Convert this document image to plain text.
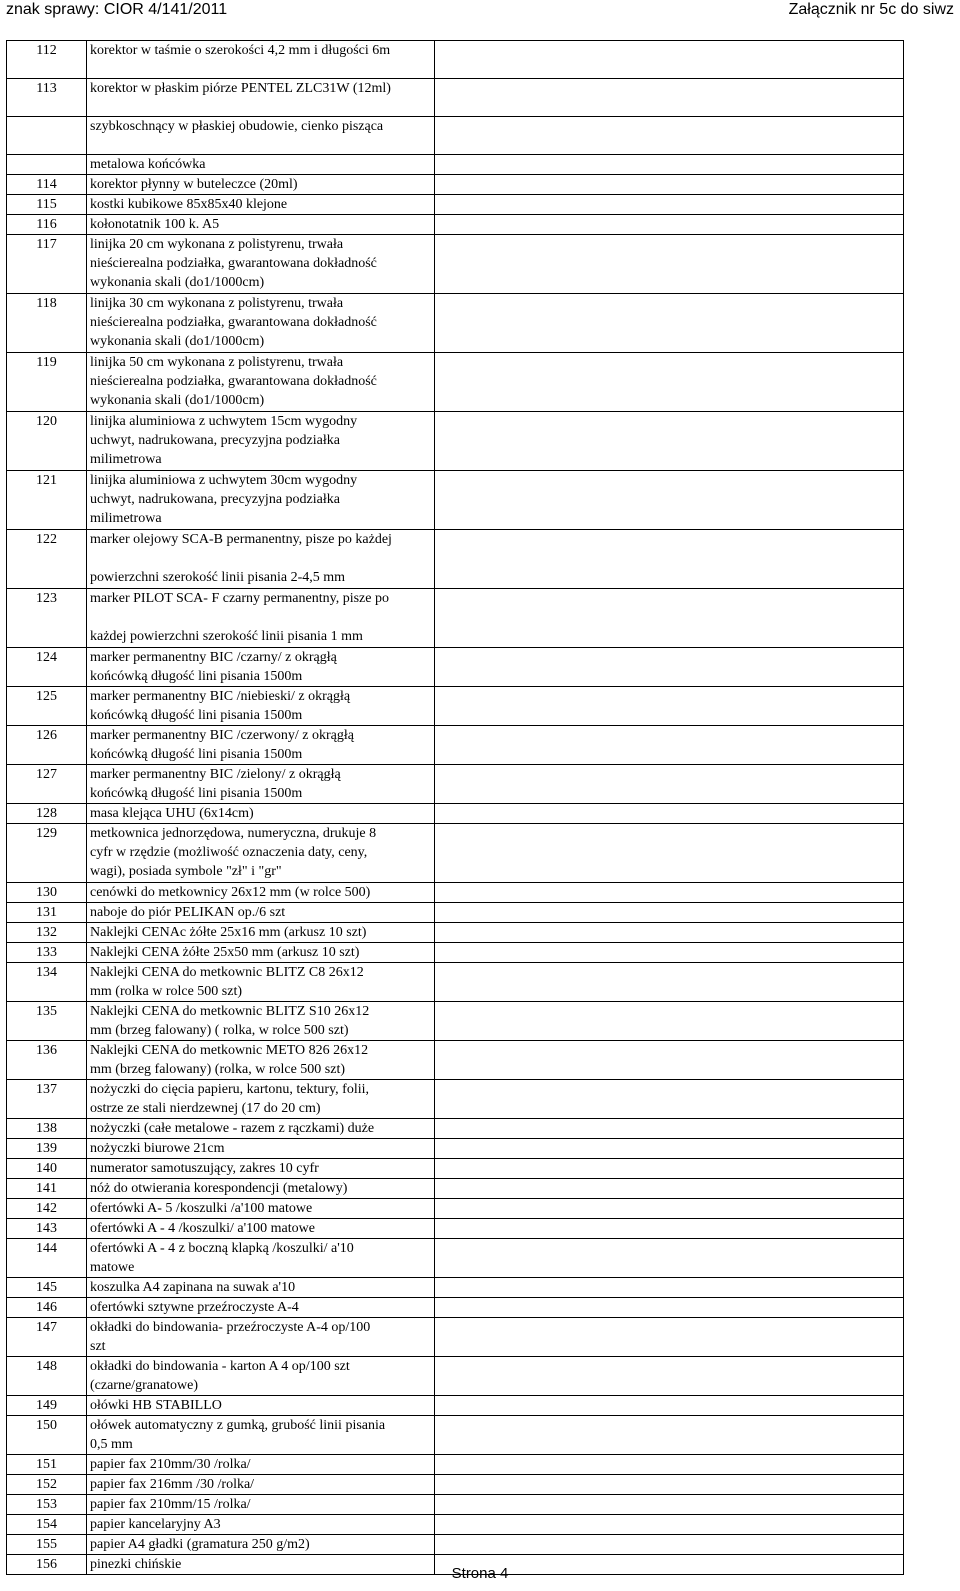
znak sprawy: CIOR 4/141/2011	Załącznik nr 5c do siwz
112	korektor w taśmie o szerokości 4,2 mm i długości 6m	
113	korektor w płaskim piórze PENTEL ZLC31W (12ml)	
	szybkoschnący w płaskiej obudowie, cienko pisząca	
	metalowa końcówka	
114	korektor płynny w buteleczce (20ml)	
115	kostki kubikowe 85x85x40 klejone	
116	kołonotatnik 100 k. A5	
117	linijka 20 cm wykonana z polistyrenu, trwała
nieścierealna podziałka, gwarantowana dokładność
wykonania skali (do1/1000cm)	
118	linijka 30 cm wykonana z polistyrenu, trwała
nieścierealna podziałka, gwarantowana dokładność
wykonania skali (do1/1000cm)	
119	linijka 50 cm wykonana z polistyrenu, trwała
nieścierealna podziałka, gwarantowana dokładność
wykonania skali (do1/1000cm)	
120	linijka aluminiowa z uchwytem 15cm wygodny
uchwyt, nadrukowana, precyzyjna podziałka
milimetrowa	
121	linijka aluminiowa z uchwytem 30cm wygodny
uchwyt, nadrukowana, precyzyjna podziałka
milimetrowa	
122	marker olejowy SCA-B permanentny, pisze po każdej

powierzchni szerokość linii pisania 2-4,5 mm	
123	marker PILOT SCA- F czarny permanentny, pisze po

każdej powierzchni szerokość linii pisania 1 mm	
124	marker permanentny BIC /czarny/ z okrągłą
końcówką długość lini pisania 1500m	
125	marker permanentny BIC /niebieski/ z okrągłą
końcówką długość lini pisania 1500m	
126	marker permanentny BIC /czerwony/ z okrągłą
końcówką długość lini pisania 1500m	
127	marker permanentny BIC /zielony/ z okrągłą
końcówką długość lini pisania 1500m	
128	masa klejąca UHU (6x14cm)	
129	metkownica jednorzędowa, numeryczna, drukuje 8
cyfr w rzędzie (możliwość oznaczenia daty, ceny,
wagi), posiada symbole "zł" i "gr"	
130	cenówki do metkownicy 26x12 mm (w rolce 500)	
131	naboje do piór PELIKAN op./6 szt	
132	Naklejki CENAc żółte 25x16 mm (arkusz 10 szt)	
133	Naklejki CENA żółte 25x50 mm (arkusz 10 szt)	
134	Naklejki CENA do metkownic BLITZ C8 26x12
mm (rolka w rolce 500 szt)	
135	Naklejki CENA do metkownic BLITZ S10 26x12
mm (brzeg falowany) ( rolka, w rolce 500 szt)	
136	Naklejki CENA do metkownic METO 826 26x12
mm (brzeg falowany) (rolka, w rolce 500 szt)	
137	nożyczki do cięcia papieru, kartonu, tektury, folii,
ostrze ze stali nierdzewnej (17 do 20 cm)	
138	nożyczki (całe metalowe - razem z rączkami) duże	
139	nożyczki biurowe 21cm	
140	numerator samotuszujący, zakres 10 cyfr	
141	nóż do otwierania korespondencji (metalowy)	
142	ofertówki A- 5 /koszulki /a'100 matowe	
143	ofertówki A - 4 /koszulki/ a'100 matowe	
144	ofertówki A - 4 z boczną klapką /koszulki/ a'10
matowe	
145	koszulka A4 zapinana na suwak a'10	
146	ofertówki sztywne przeźroczyste A-4	
147	okładki do bindowania- przeźroczyste A-4 op/100
szt	
148	okładki do bindowania - karton A 4 op/100 szt
(czarne/granatowe)	
149	ołówki HB STABILLO	
150	ołówek automatyczny z gumką, grubość linii pisania
0,5 mm	
151	papier fax 210mm/30 /rolka/	
152	papier fax 216mm /30 /rolka/	
153	papier fax 210mm/15 /rolka/	
154	papier kancelaryjny A3	
155	papier A4 gładki (gramatura 250 g/m2)	
156	pinezki chińskie	
Strona 4
